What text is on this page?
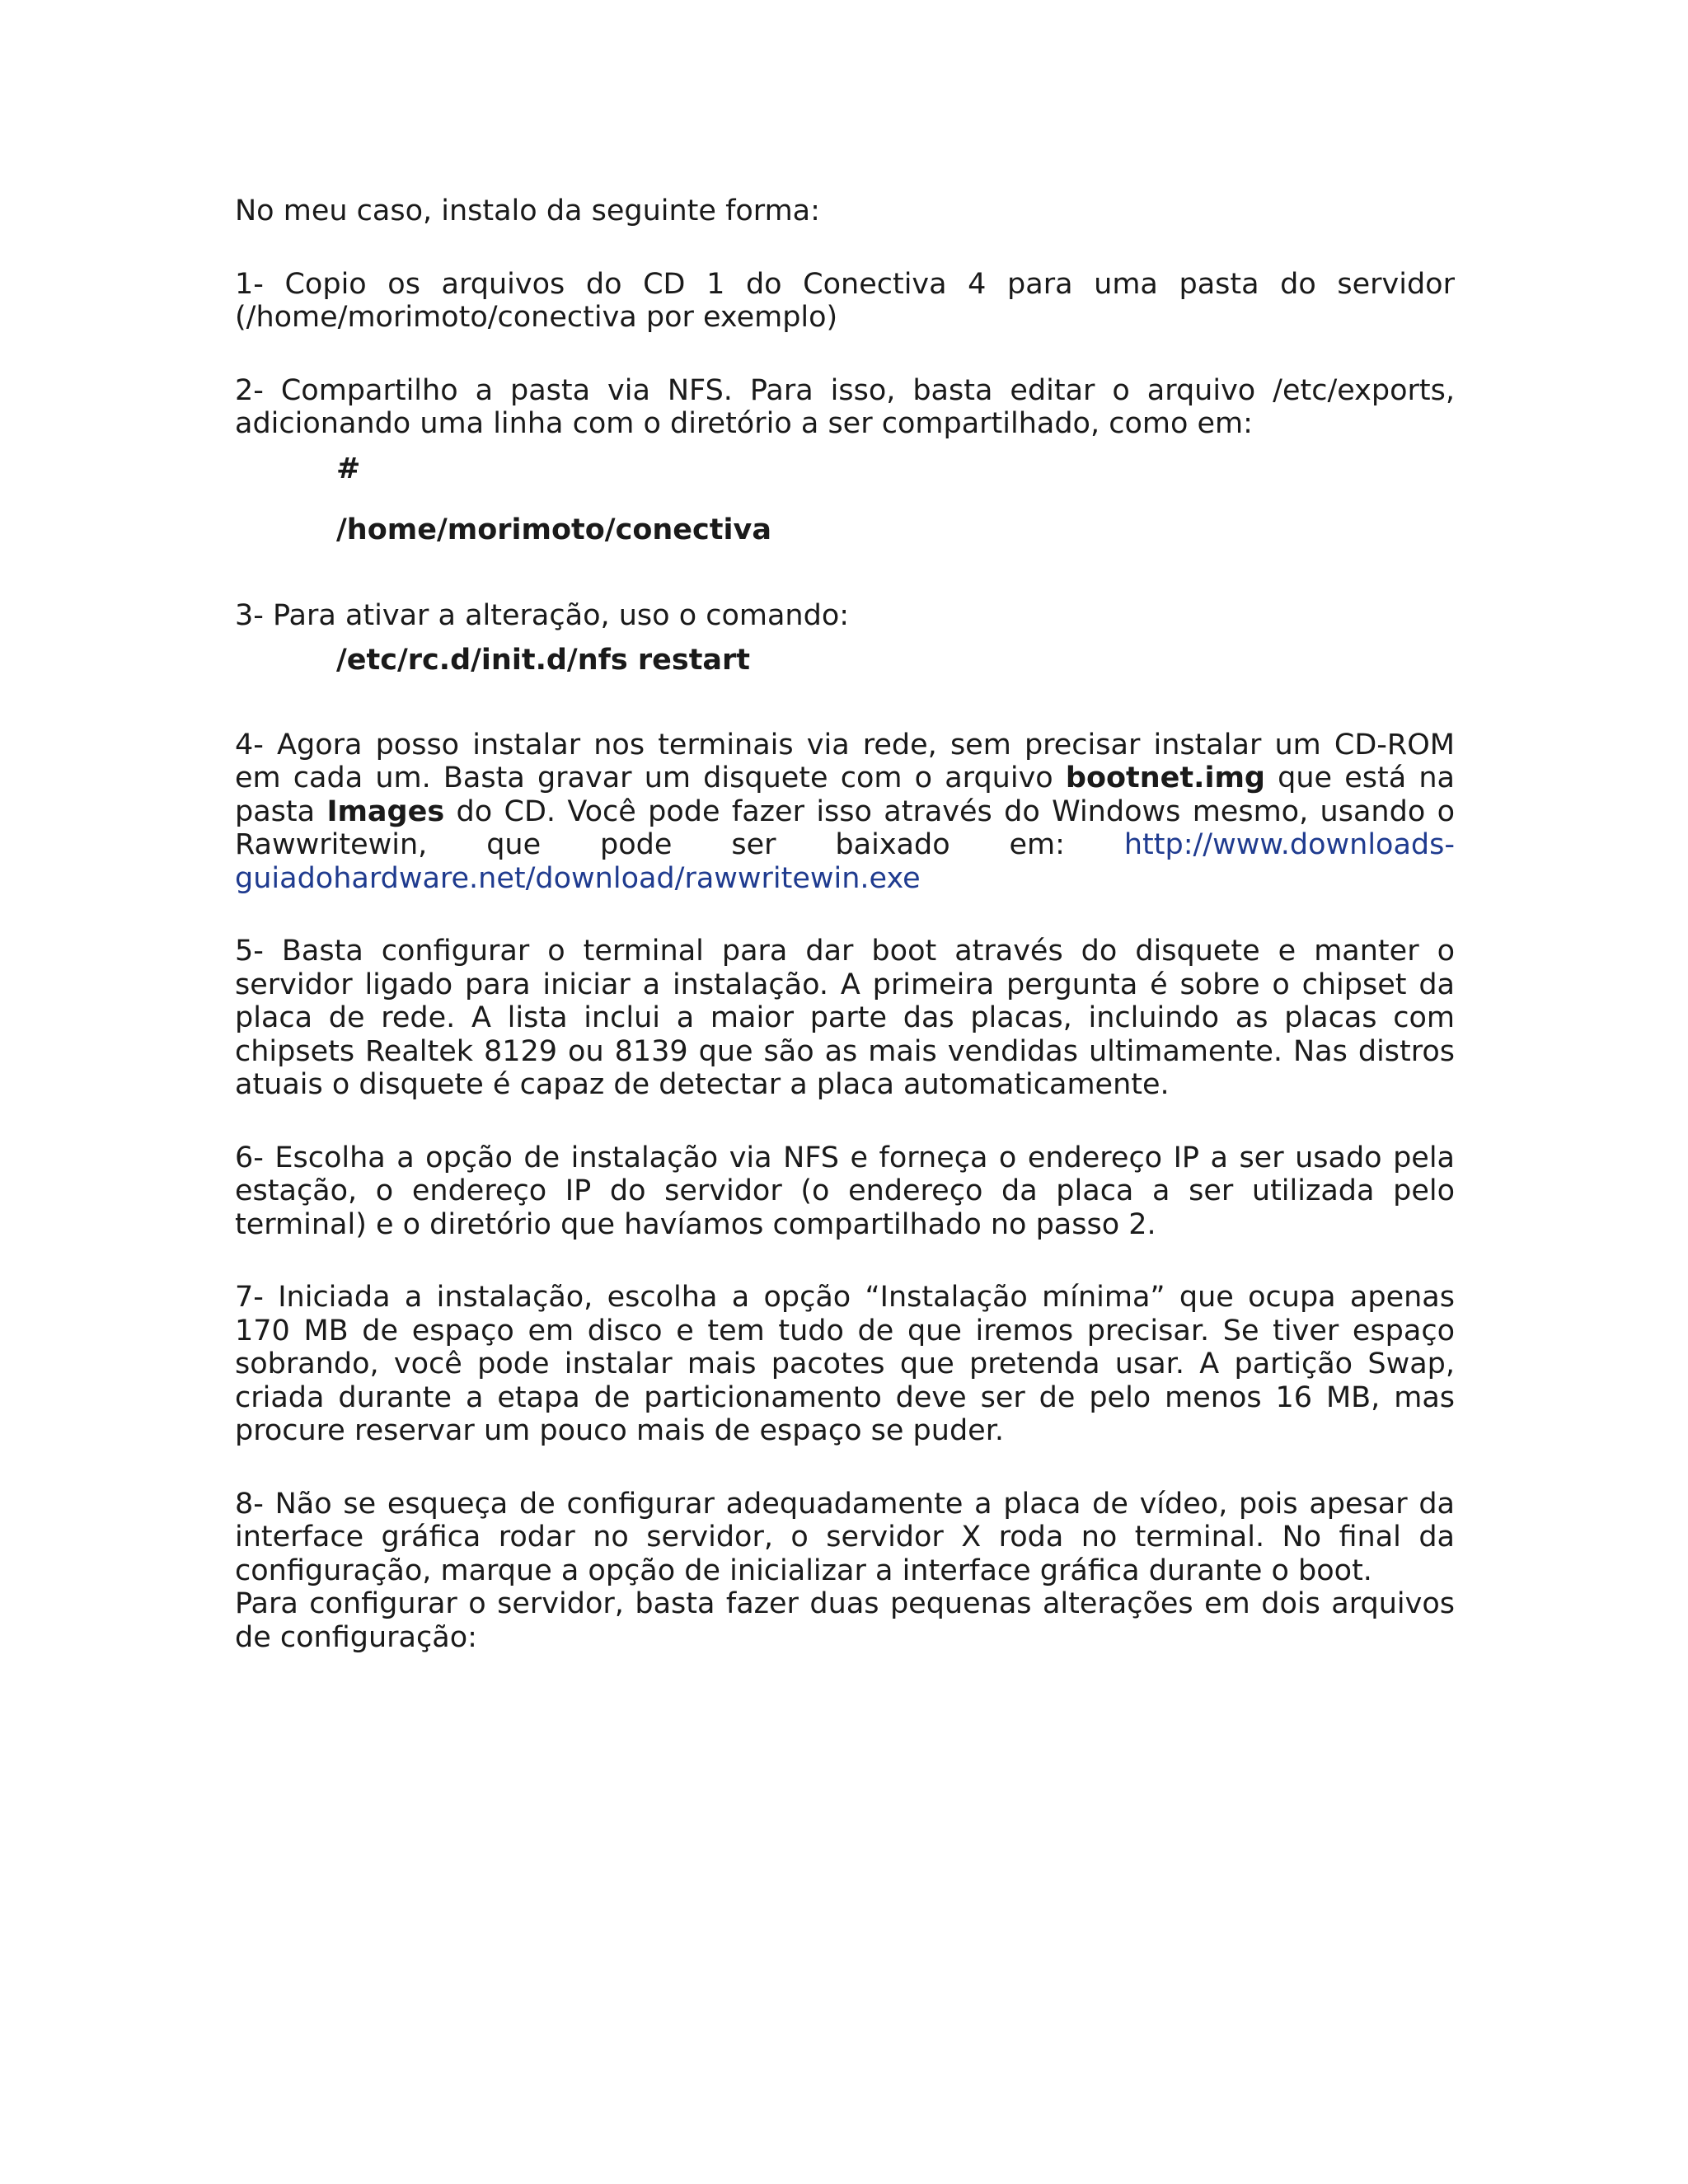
No meu caso, instalo da seguinte forma:

1- Copio os arquivos do CD 1 do Conectiva 4 para uma pasta do servidor (/home/morimoto/conectiva por exemplo)

2- Compartilho a pasta via NFS. Para isso, basta editar o arquivo /etc/exports, adicionando uma linha com o diretório a ser compartilhado, como em:

#

/home/morimoto/conectiva

3- Para ativar a alteração, uso o comando:

/etc/rc.d/init.d/nfs restart

4- Agora posso instalar nos terminais via rede, sem precisar instalar um CD-ROM em cada um. Basta gravar um disquete com o arquivo bootnet.img que está na pasta Images do CD. Você pode fazer isso através do Windows mesmo, usando o Rawwritewin, que pode ser baixado em: http://www.downloads-guiadohardware.net/download/rawwritewin.exe

5- Basta configurar o terminal para dar boot através do disquete e manter o servidor ligado para iniciar a instalação. A primeira pergunta é sobre o chipset da placa de rede. A lista inclui a maior parte das placas, incluindo as placas com chipsets Realtek 8129 ou 8139 que são as mais vendidas ultimamente. Nas distros atuais o disquete é capaz de detectar a placa automaticamente.

6- Escolha a opção de instalação via NFS e forneça o endereço IP a ser usado pela estação, o endereço IP do servidor (o endereço da placa a ser utilizada pelo terminal) e o diretório que havíamos compartilhado no passo 2.

7- Iniciada a instalação, escolha a opção “Instalação mínima” que ocupa apenas 170 MB de espaço em disco e tem tudo de que iremos precisar. Se tiver espaço sobrando, você pode instalar mais pacotes que pretenda usar. A partição Swap, criada durante a etapa de particionamento deve ser de pelo menos 16 MB, mas procure reservar um pouco mais de espaço se puder.

8- Não se esqueça de configurar adequadamente a placa de vídeo, pois apesar da interface gráfica rodar no servidor, o servidor X roda no terminal. No final da configuração, marque a opção de inicializar a interface gráfica durante o boot.

Para configurar o servidor, basta fazer duas pequenas alterações em dois arquivos de configuração:
